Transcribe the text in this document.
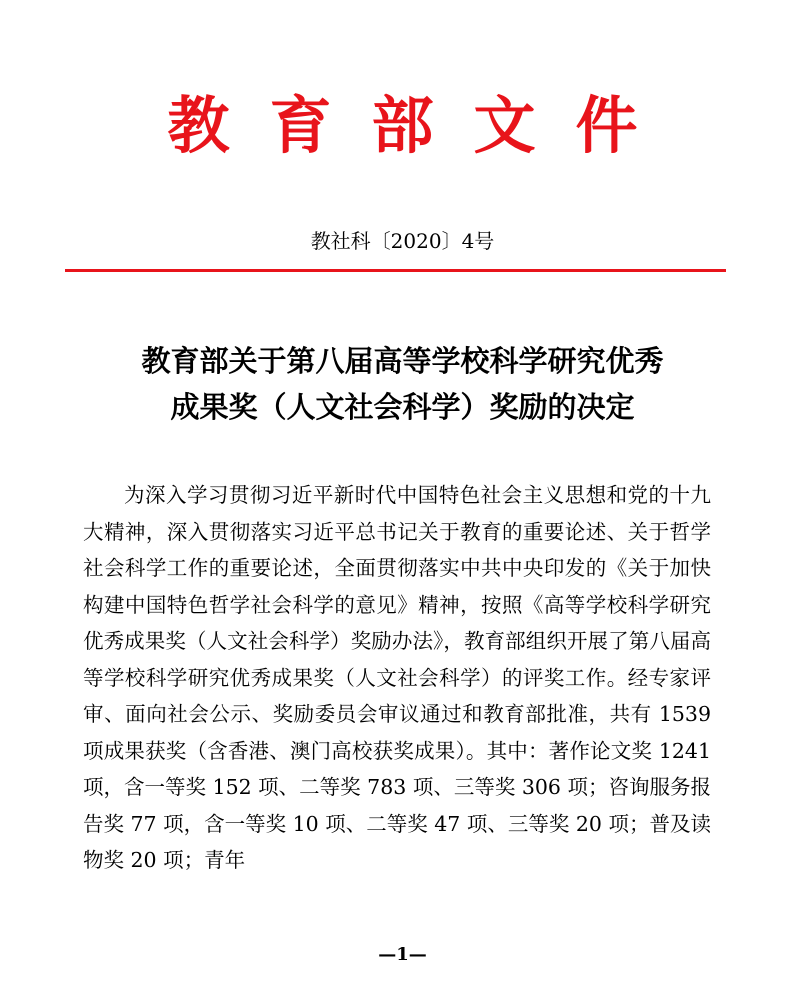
教育部文件
教社科〔2020〕4号
教育部关于第八届高等学校科学研究优秀
成果奖（人文社会科学）奖励的决定

为深入学习贯彻习近平新时代中国特色社会主义思想和党的十九大精神，深入贯彻落实习近平总书记关于教育的重要论述、关于哲学社会科学工作的重要论述，全面贯彻落实中共中央印发的《关于加快构建中国特色哲学社会科学的意见》精神，按照《高等学校科学研究优秀成果奖（人文社会科学）奖励办法》，教育部组织开展了第八届高等学校科学研究优秀成果奖（人文社会科学）的评奖工作。经专家评审、面向社会公示、奖励委员会审议通过和教育部批准，共有 1539 项成果获奖（含香港、澳门高校获奖成果）。其中：著作论文奖 1241 项，含一等奖 152 项、二等奖 783 项、三等奖 306 项；咨询服务报告奖 77 项，含一等奖 10 项、二等奖 47 项、三等奖 20 项；普及读物奖 20 项；青年

—1—
